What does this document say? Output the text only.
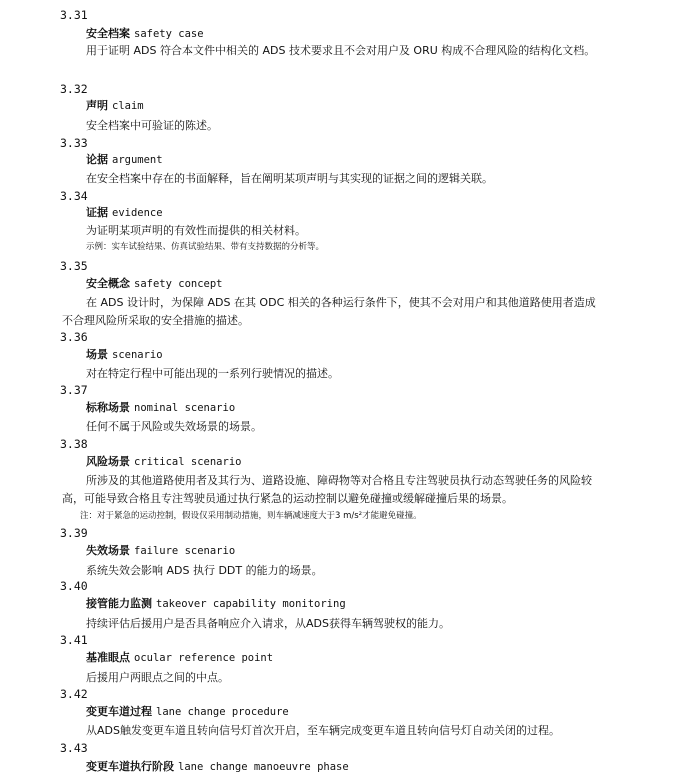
3.31
安全档案 safety case
用于证明 ADS 符合本文件中相关的 ADS 技术要求且不会对用户及 ORU 构成不合理风险的结构化文档。
3.32
声明 claim
安全档案中可验证的陈述。
3.33
论据 argument
在安全档案中存在的书面解释，旨在阐明某项声明与其实现的证据之间的逻辑关联。
3.34
证据 evidence
为证明某项声明的有效性而提供的相关材料。
示例：实车试验结果、仿真试验结果、带有支持数据的分析等。
3.35
安全概念 safety concept
在 ADS 设计时，为保障 ADS 在其 ODC 相关的各种运行条件下，使其不会对用户和其他道路使用者造成不合理风险所采取的安全措施的描述。
3.36
场景 scenario
对在特定行程中可能出现的一系列行驶情况的描述。
3.37
标称场景 nominal scenario
任何不属于风险或失效场景的场景。
3.38
风险场景 critical scenario
所涉及的其他道路使用者及其行为、道路设施、障碍物等对合格且专注驾驶员执行动态驾驶任务的风险较高，可能导致合格且专注驾驶员通过执行紧急的运动控制以避免碰撞或缓解碰撞后果的场景。
注：对于紧急的运动控制，假设仅采用制动措施，则车辆减速度大于3 m/s²才能避免碰撞。
3.39
失效场景 failure scenario
系统失效会影响 ADS 执行 DDT 的能力的场景。
3.40
接管能力监测 takeover capability monitoring
持续评估后援用户是否具备响应介入请求，从ADS获得车辆驾驶权的能力。
3.41
基准眼点 ocular reference point
后援用户两眼点之间的中点。
3.42
变更车道过程 lane change procedure
从ADS触发变更车道且转向信号灯首次开启，至车辆完成变更车道且转向信号灯自动关闭的过程。
3.43
变更车道执行阶段 lane change manoeuvre phase
